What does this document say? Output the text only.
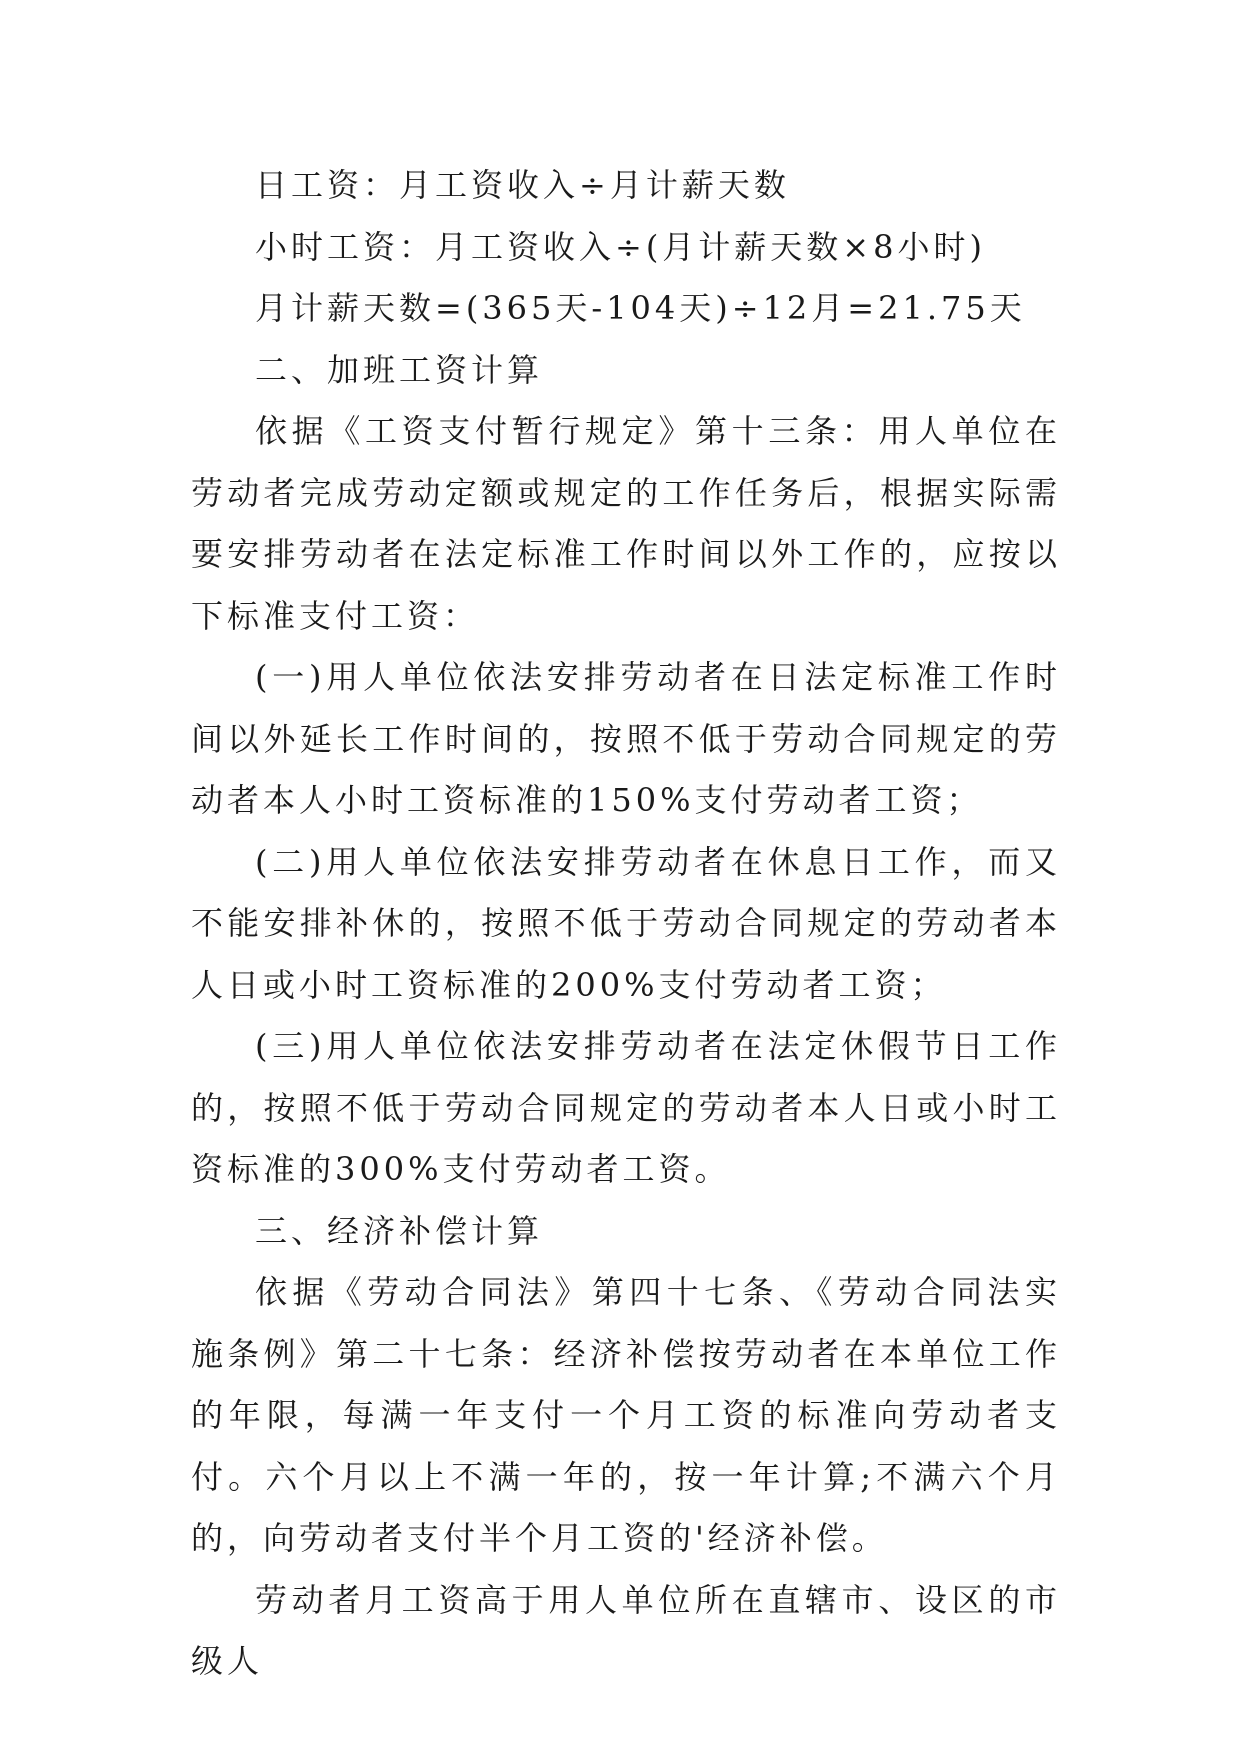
日工资：月工资收入÷月计薪天数

小时工资：月工资收入÷(月计薪天数×8小时)

月计薪天数=(365天-104天)÷12月=21.75天

二、加班工资计算

依据《工资支付暂行规定》第十三条：用人单位在劳动者完成劳动定额或规定的工作任务后，根据实际需要安排劳动者在法定标准工作时间以外工作的，应按以下标准支付工资：

(一)用人单位依法安排劳动者在日法定标准工作时间以外延长工作时间的，按照不低于劳动合同规定的劳动者本人小时工资标准的150%支付劳动者工资；

(二)用人单位依法安排劳动者在休息日工作，而又不能安排补休的，按照不低于劳动合同规定的劳动者本人日或小时工资标准的200%支付劳动者工资；

(三)用人单位依法安排劳动者在法定休假节日工作的，按照不低于劳动合同规定的劳动者本人日或小时工资标准的300%支付劳动者工资。

三、经济补偿计算

依据《劳动合同法》第四十七条、《劳动合同法实施条例》第二十七条：经济补偿按劳动者在本单位工作的年限，每满一年支付一个月工资的标准向劳动者支付。六个月以上不满一年的，按一年计算;不满六个月的，向劳动者支付半个月工资的'经济补偿。

劳动者月工资高于用人单位所在直辖市、设区的市级人
